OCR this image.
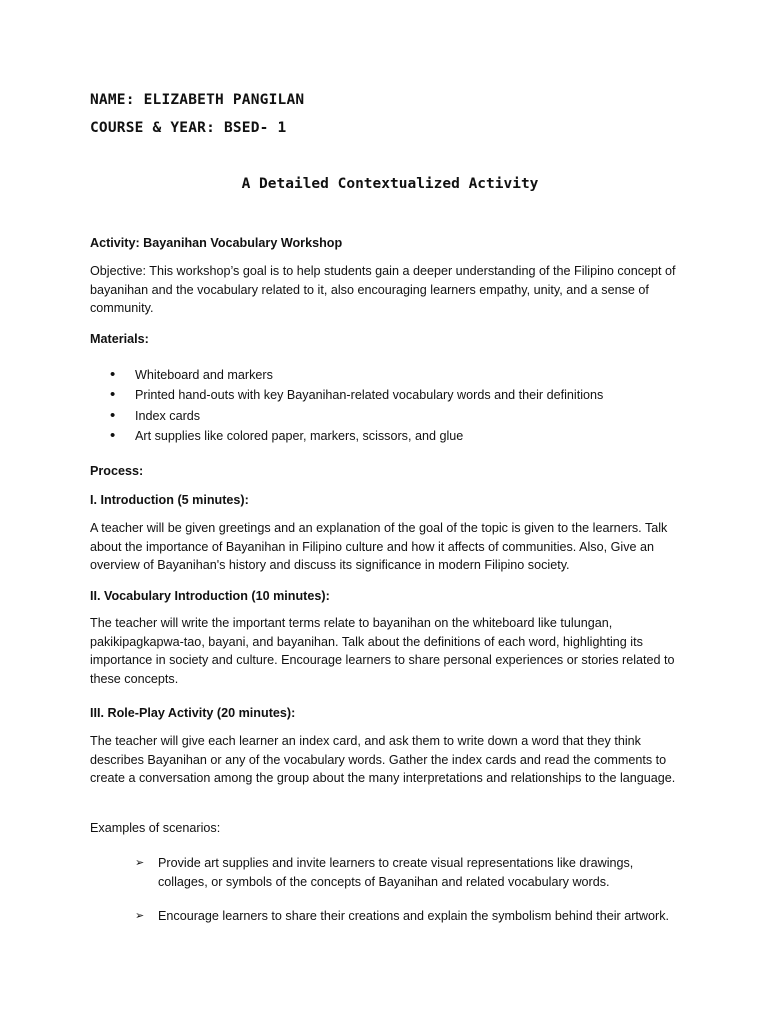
NAME: ELIZABETH PANGILAN
COURSE & YEAR: BSED- 1
A Detailed Contextualized Activity
Activity: Bayanihan Vocabulary Workshop
Objective: This workshop’s goal is to help students gain a deeper understanding of the Filipino concept of bayanihan and the vocabulary related to it, also encouraging learners empathy, unity, and a sense of community.
Materials:
• Whiteboard and markers
• Printed hand-outs with key Bayanihan-related vocabulary words and their definitions
• Index cards
• Art supplies like colored paper, markers, scissors, and glue
Process:
I. Introduction (5 minutes):
A teacher will be given greetings and an explanation of the goal of the topic is given to the learners. Talk about the importance of Bayanihan in Filipino culture and how it affects of communities. Also, Give an overview of Bayanihan's history and discuss its significance in modern Filipino society.
II. Vocabulary Introduction (10 minutes):
The teacher will write the important terms relate to bayanihan on the whiteboard like tulungan, pakikipagkapwa-tao, bayani, and bayanihan. Talk about the definitions of each word, highlighting its importance in society and culture. Encourage learners to share personal experiences or stories related to these concepts.
III. Role-Play Activity (20 minutes):
The teacher will give each learner an index card, and ask them to write down a word that they think describes Bayanihan or any of the vocabulary words. Gather the index cards and read the comments to create a conversation among the group about the many interpretations and relationships to the language.
Examples of scenarios:
➢	Provide art supplies and invite learners to create visual representations like drawings, collages, or symbols of the concepts of Bayanihan and related vocabulary words.
➢	Encourage learners to share their creations and explain the symbolism behind their artwork.
